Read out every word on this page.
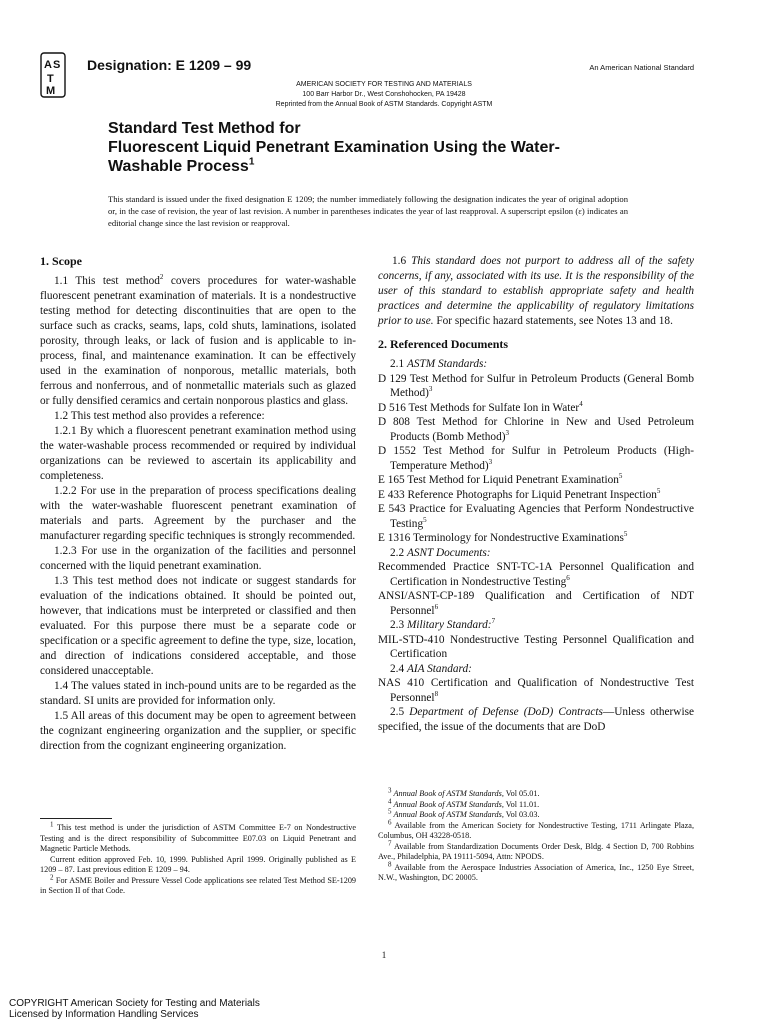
A S
T
M
Designation: E 1209 – 99	An American National Standard
AMERICAN SOCIETY FOR TESTING AND MATERIALS
100 Barr Harbor Dr., West Conshohocken, PA 19428
Reprinted from the Annual Book of ASTM Standards. Copyright ASTM
Standard Test Method for
Fluorescent Liquid Penetrant Examination Using the Water-
Washable Process$^1$
This standard is issued under the fixed designation E 1209; the number immediately following the designation indicates the year of original adoption or, in the case of revision, the year of last revision. A number in parentheses indicates the year of last reapproval. A superscript epsilon (ε) indicates an editorial change since the last revision or reapproval.
1. Scope

1.1 This test method$^2$ covers procedures for water-washable fluorescent penetrant examination of materials. It is a nondestructive testing method for detecting discontinuities that are open to the surface such as cracks, seams, laps, cold shuts, laminations, isolated porosity, through leaks, or lack of fusion and is applicable to in-process, final, and maintenance examination. It can be effectively used in the examination of nonporous, metallic materials, both ferrous and nonferrous, and of nonmetallic materials such as glazed or fully densified ceramics and certain nonporous plastics and glass.

1.2 This test method also provides a reference:

1.2.1 By which a fluorescent penetrant examination method using the water-washable process recommended or required by individual organizations can be reviewed to ascertain its applicability and completeness.

1.2.2 For use in the preparation of process specifications dealing with the water-washable fluorescent penetrant examination of materials and parts. Agreement by the purchaser and the manufacturer regarding specific techniques is strongly recommended.

1.2.3 For use in the organization of the facilities and personnel concerned with the liquid penetrant examination.

1.3 This test method does not indicate or suggest standards for evaluation of the indications obtained. It should be pointed out, however, that indications must be interpreted or classified and then evaluated. For this purpose there must be a separate code or specification or a specific agreement to define the type, size, location, and direction of indications considered acceptable, and those considered unacceptable.

1.4 The values stated in inch-pound units are to be regarded as the standard. SI units are provided for information only.

1.5 All areas of this document may be open to agreement between the cognizant engineering organization and the supplier, or specific direction from the cognizant engineering organization.

1.6 This standard does not purport to address all of the safety concerns, if any, associated with its use. It is the responsibility of the user of this standard to establish appropriate safety and health practices and determine the applicability of regulatory limitations prior to use. For specific hazard statements, see Notes 13 and 18.

2. Referenced Documents

2.1 ASTM Standards:

D 129 Test Method for Sulfur in Petroleum Products (General Bomb Method)$^3$

D 516 Test Methods for Sulfate Ion in Water$^4$

D 808 Test Method for Chlorine in New and Used Petroleum Products (Bomb Method)$^3$

D 1552 Test Method for Sulfur in Petroleum Products (High-Temperature Method)$^3$

E 165 Test Method for Liquid Penetrant Examination$^5$

E 433 Reference Photographs for Liquid Penetrant Inspection$^5$

E 543 Practice for Evaluating Agencies that Perform Nondestructive Testing$^5$

E 1316 Terminology for Nondestructive Examinations$^5$

2.2 ASNT Documents:

Recommended Practice SNT-TC-1A Personnel Qualification and Certification in Nondestructive Testing$^6$

ANSI/ASNT-CP-189 Qualification and Certification of NDT Personnel$^6$

2.3 Military Standard:$^7$

MIL-STD-410 Nondestructive Testing Personnel Qualification and Certification

2.4 AIA Standard:

NAS 410 Certification and Qualification of Nondestructive Test Personnel$^8$

2.5 Department of Defense (DoD) Contracts—Unless otherwise specified, the issue of the documents that are DoD

$^1$ This test method is under the jurisdiction of ASTM Committee E-7 on Nondestructive Testing and is the direct responsibility of Subcommittee E07.03 on Liquid Penetrant and Magnetic Particle Methods.

Current edition approved Feb. 10, 1999. Published April 1999. Originally published as E 1209 – 87. Last previous edition E 1209 – 94.

$^2$ For ASME Boiler and Pressure Vessel Code applications see related Test Method SE-1209 in Section II of that Code.

$^3$ Annual Book of ASTM Standards, Vol 05.01.

$^4$ Annual Book of ASTM Standards, Vol 11.01.

$^5$ Annual Book of ASTM Standards, Vol 03.03.

$^6$ Available from the American Society for Nondestructive Testing, 1711 Arlingate Plaza, Columbus, OH 43228-0518.

$^7$ Available from Standardization Documents Order Desk, Bldg. 4 Section D, 700 Robbins Ave., Philadelphia, PA 19111-5094, Attn: NPODS.

$^8$ Available from the Aerospace Industries Association of America, Inc., 1250 Eye Street, N.W., Washington, DC 20005.

1
COPYRIGHT American Society for Testing and Materials
Licensed by Information Handling Services
